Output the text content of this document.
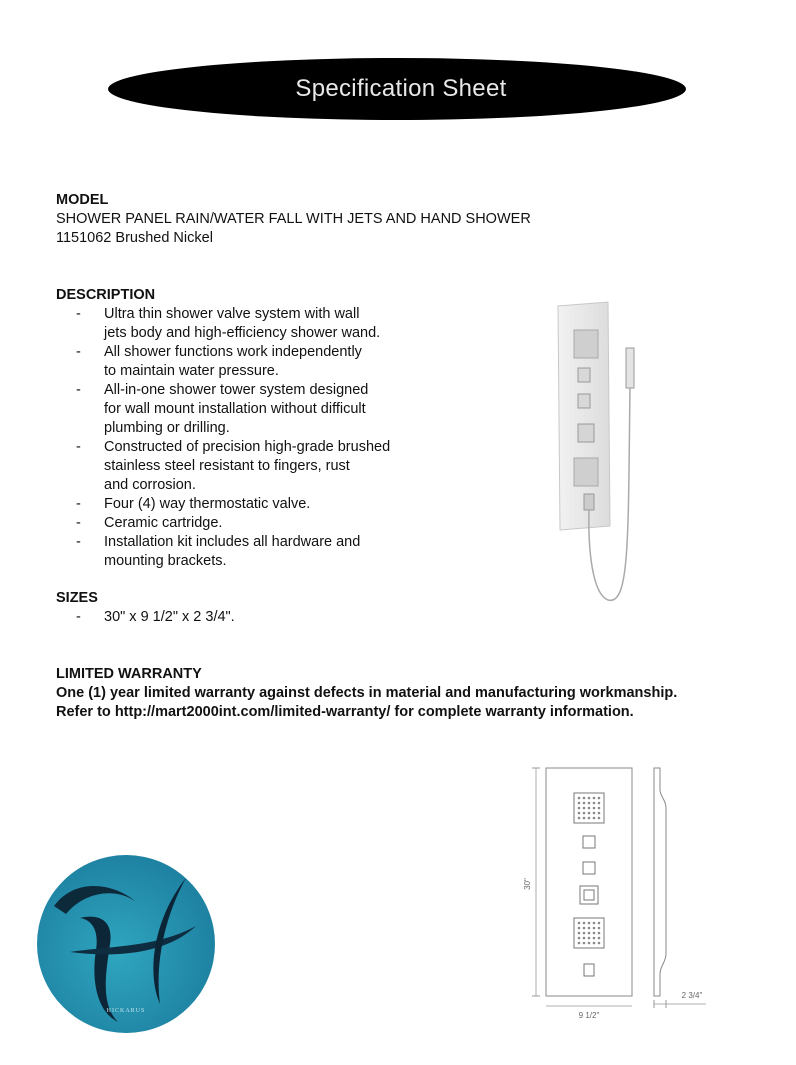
Specification Sheet
MODEL
SHOWER PANEL RAIN/WATER FALL WITH JETS AND HAND SHOWER
1151062 Brushed Nickel
DESCRIPTION
- Ultra thin shower valve system with wall
jets body and high-efficiency shower wand.
- All shower functions work independently
to maintain water pressure.
- All-in-one shower tower system designed
for wall mount installation without difficult
plumbing or drilling.
- Constructed of precision high-grade brushed
stainless steel resistant to fingers, rust
and corrosion.
- Four (4) way thermostatic valve.
- Ceramic cartridge.
- Installation kit includes all hardware and
mounting brackets.
SIZES
- 30" x 9 1/2" x 2 3/4".
LIMITED WARRANTY
One (1) year limited warranty against defects in material and manufacturing workmanship.
Refer to http://mart2000int.com/limited-warranty/ for complete warranty information.
30"
9 1/2"
2 3/4"
HICKARUS
